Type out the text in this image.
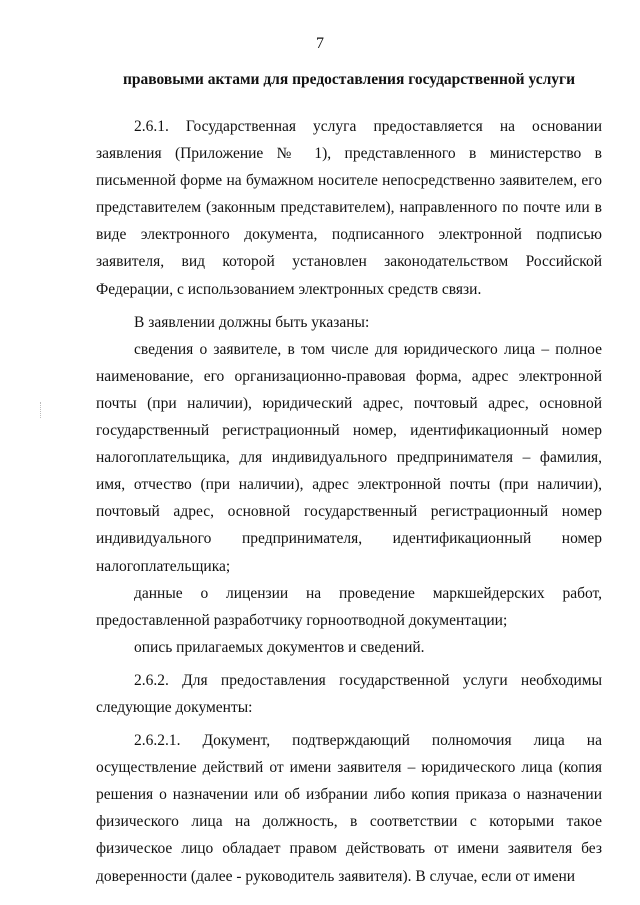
7
правовыми актами для предоставления государственной услуги

2.6.1. Государственная услуга предоставляется на основании заявления (Приложение № 1), представленного в министерство в письменной форме на бумажном носителе непосредственно заявителем, его представителем (законным представителем), направленного по почте или в виде электронного документа, подписанного электронной подписью заявителя, вид которой установлен законодательством Российской Федерации, с использованием электронных средств связи.

В заявлении должны быть указаны:

сведения о заявителе, в том числе для юридического лица – полное наименование, его организационно-правовая форма, адрес электронной почты (при наличии), юридический адрес, почтовый адрес, основной государственный регистрационный номер, идентификационный номер налогоплательщика, для индивидуального предпринимателя – фамилия, имя, отчество (при наличии), адрес электронной почты (при наличии), почтовый адрес, основной государственный регистрационный номер индивидуального предпринимателя, идентификационный номер налогоплательщика;

данные о лицензии на проведение маркшейдерских работ, предоставленной разработчику горноотводной документации;

опись прилагаемых документов и сведений.

2.6.2. Для предоставления государственной услуги необходимы следующие документы:

2.6.2.1. Документ, подтверждающий полномочия лица на осуществление действий от имени заявителя – юридического лица (копия решения о назначении или об избрании либо копия приказа о назначении физического лица на должность, в соответствии с которыми такое физическое лицо обладает правом действовать от имени заявителя без доверенности (далее - руководитель заявителя). В случае, если от имени
